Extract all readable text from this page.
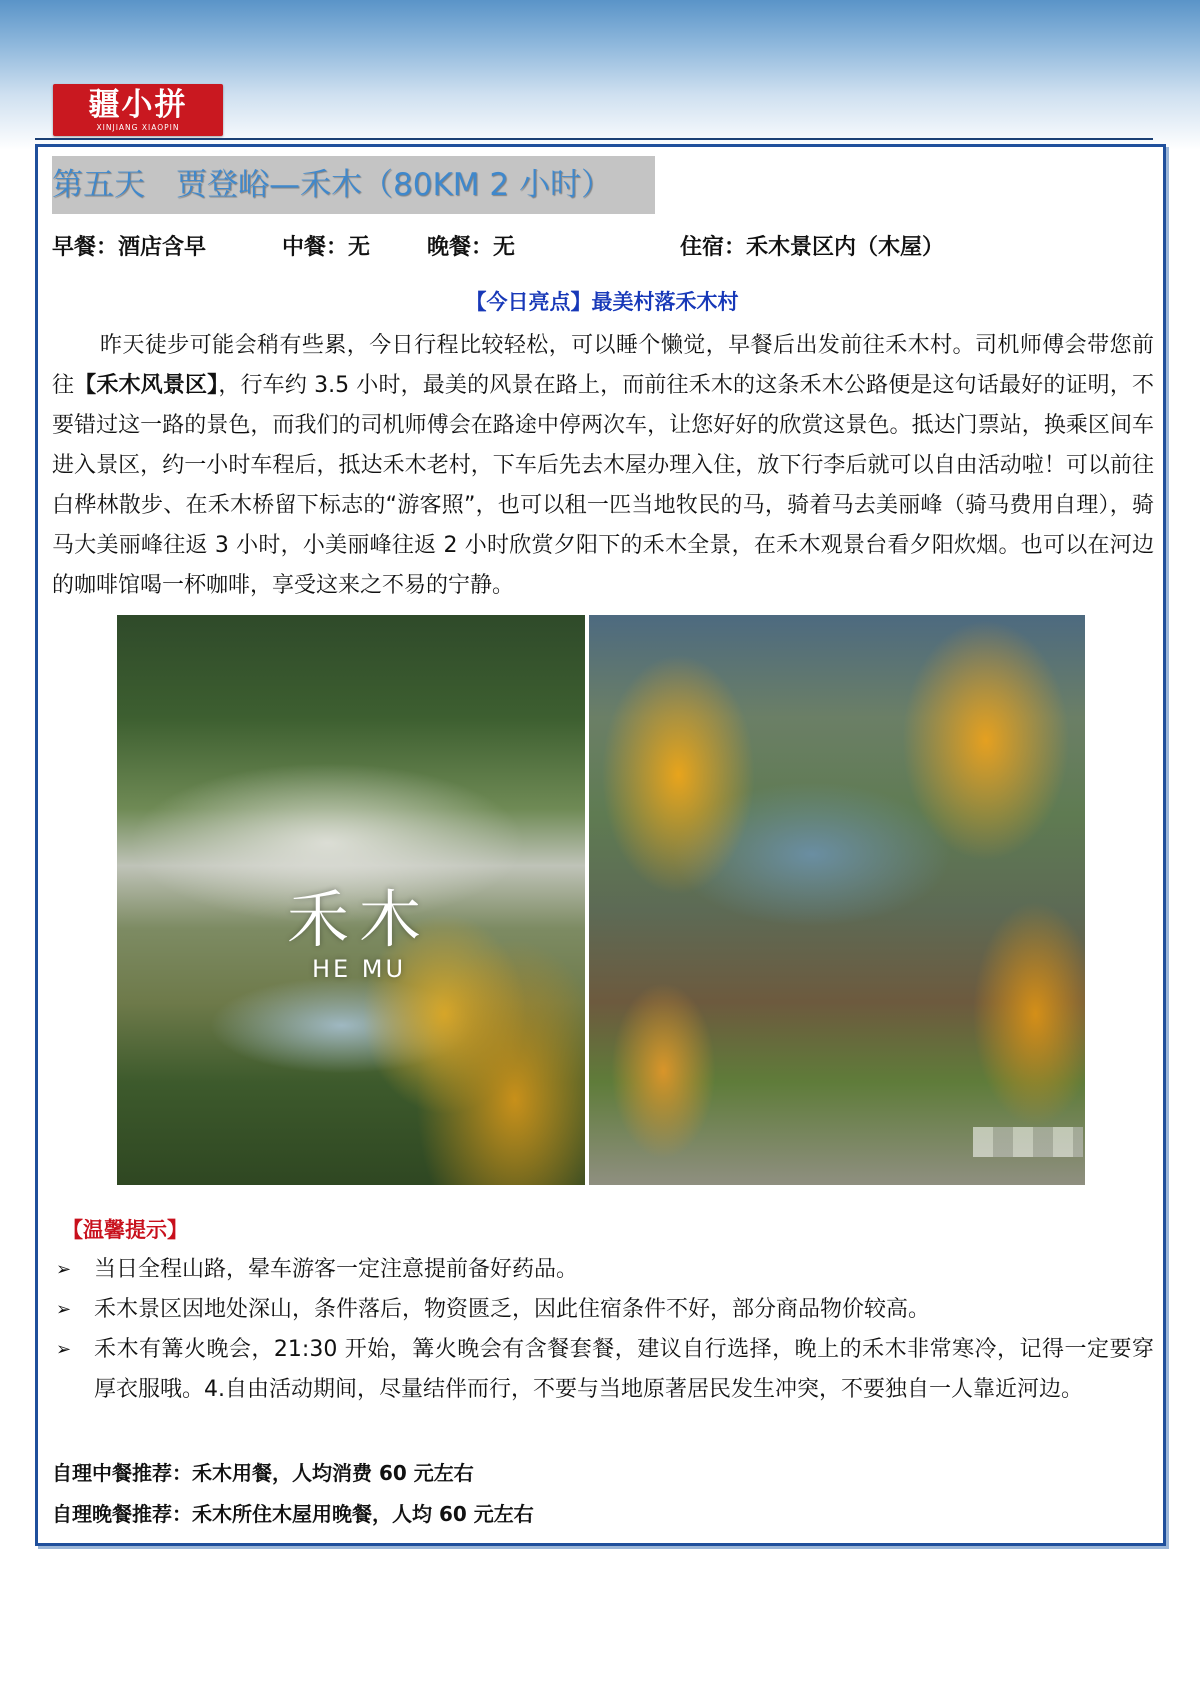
疆小拼
XINJIANG XIAOPIN
第五天　贾登峪—禾木（80KM 2 小时）
早餐：酒店含早	中餐：无	晚餐：无	住宿：禾木景区内（木屋）
【今日亮点】最美村落禾木村

昨天徒步可能会稍有些累，今日行程比较轻松，可以睡个懒觉，早餐后出发前往禾木村。司机师傅会带您前往【禾木风景区】，行车约 3.5 小时，最美的风景在路上，而前往禾木的这条禾木公路便是这句话最好的证明，不要错过这一路的景色，而我们的司机师傅会在路途中停两次车，让您好好的欣赏这景色。抵达门票站，换乘区间车进入景区，约一小时车程后，抵达禾木老村，下车后先去木屋办理入住，放下行李后就可以自由活动啦！可以前往白桦林散步、在禾木桥留下标志的“游客照”，也可以租一匹当地牧民的马，骑着马去美丽峰（骑马费用自理），骑马大美丽峰往返 3 小时，小美丽峰往返 2 小时欣赏夕阳下的禾木全景，在禾木观景台看夕阳炊烟。也可以在河边的咖啡馆喝一杯咖啡，享受这来之不易的宁静。

禾木
HE MU
【温馨提示】
➢ 当日全程山路，晕车游客一定注意提前备好药品。
➢ 禾木景区因地处深山，条件落后，物资匮乏，因此住宿条件不好，部分商品物价较高。
➢ 禾木有篝火晚会，21:30 开始，篝火晚会有含餐套餐，建议自行选择，晚上的禾木非常寒冷，记得一定要穿厚衣服哦。4.自由活动期间，尽量结伴而行，不要与当地原著居民发生冲突，不要独自一人靠近河边。
自理中餐推荐：禾木用餐，人均消费 60 元左右
自理晚餐推荐：禾木所住木屋用晚餐，人均 60 元左右
